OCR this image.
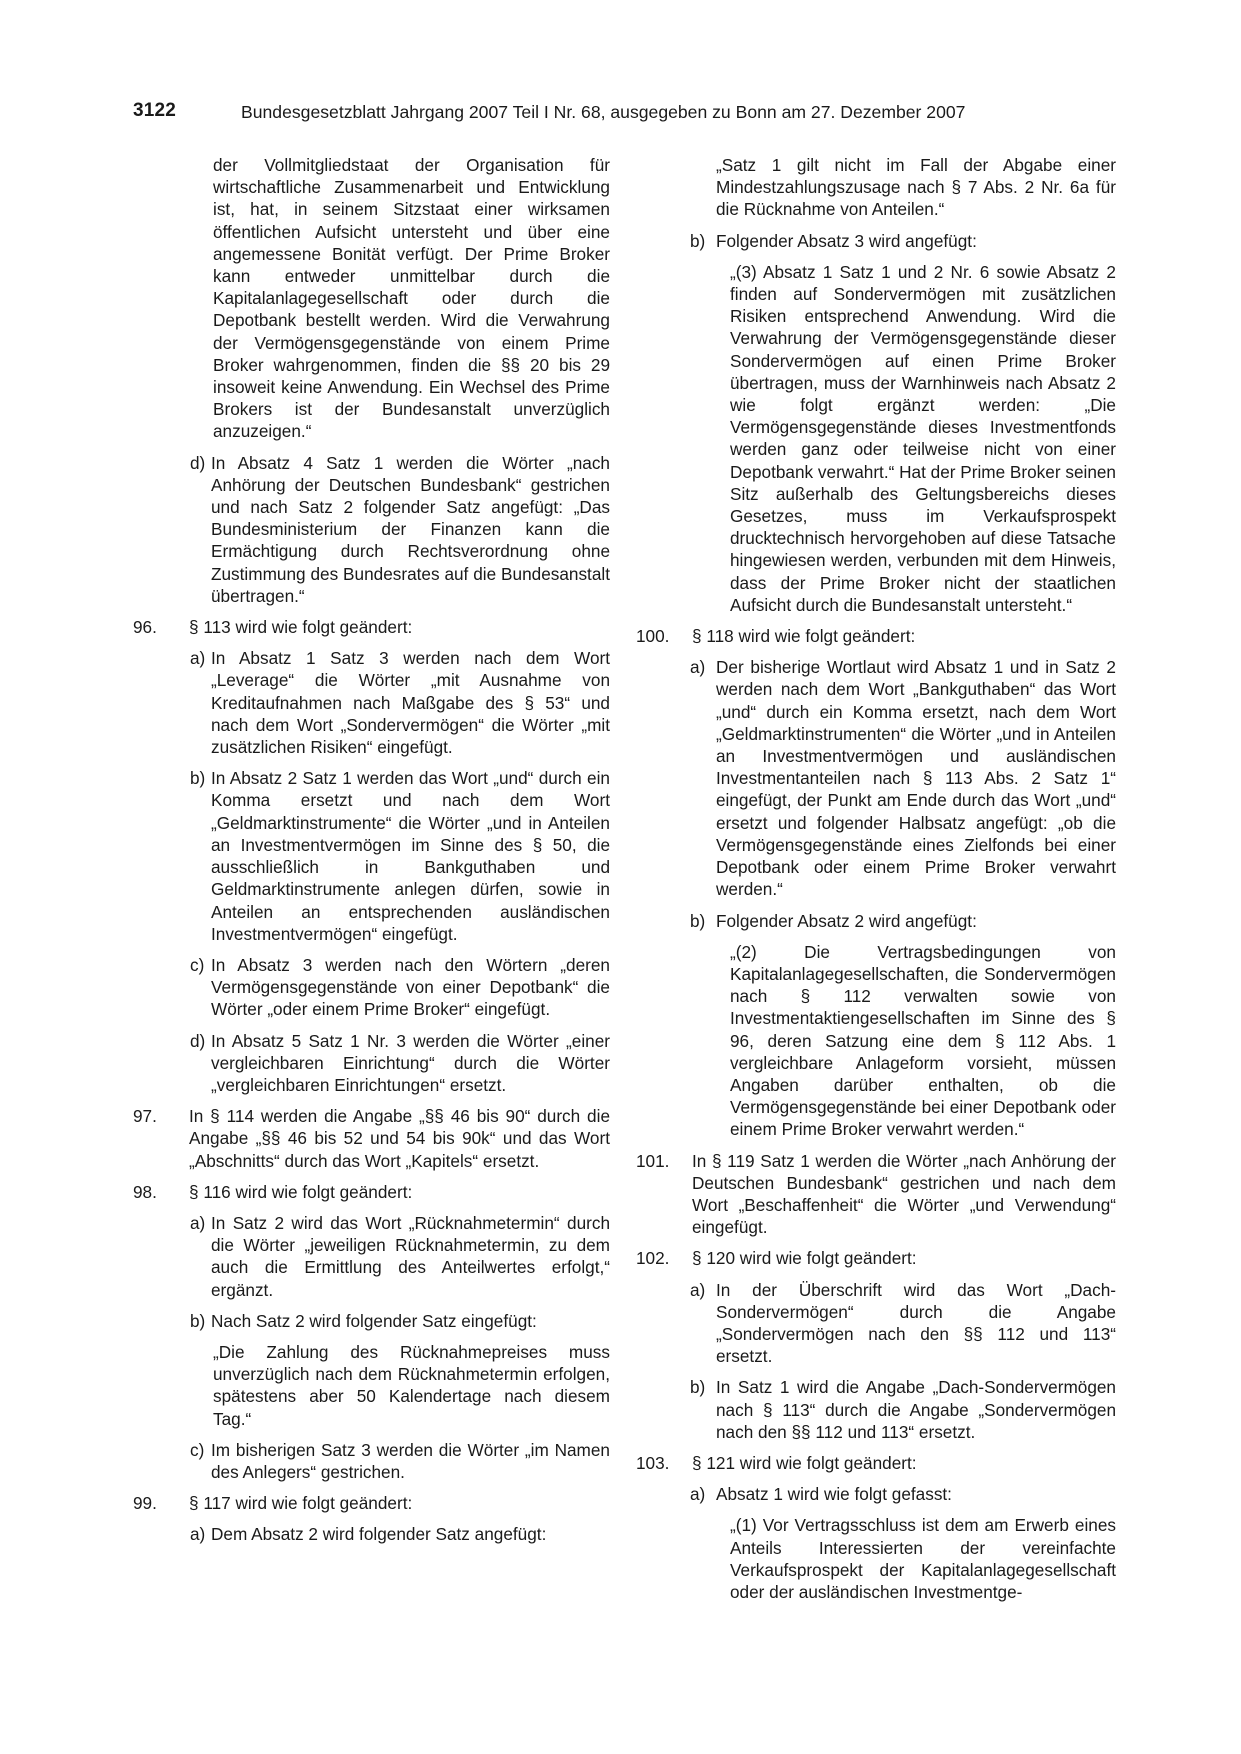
3122	Bundesgesetzblatt Jahrgang 2007 Teil I Nr. 68, ausgegeben zu Bonn am 27. Dezember 2007

der Vollmitgliedstaat der Organisation für wirtschaftliche Zusammenarbeit und Entwicklung ist, hat, in seinem Sitzstaat einer wirksamen öffentlichen Aufsicht untersteht und über eine angemessene Bonität verfügt. Der Prime Broker kann entweder unmittelbar durch die Kapitalanlagegesellschaft oder durch die Depotbank bestellt werden. Wird die Verwahrung der Vermögensgegenstände von einem Prime Broker wahrgenommen, finden die §§ 20 bis 29 insoweit keine Anwendung. Ein Wechsel des Prime Brokers ist der Bundesanstalt unverzüglich anzuzeigen.“

d) In Absatz 4 Satz 1 werden die Wörter „nach Anhörung der Deutschen Bundesbank“ gestrichen und nach Satz 2 folgender Satz angefügt: „Das Bundesministerium der Finanzen kann die Ermächtigung durch Rechtsverordnung ohne Zustimmung des Bundesrates auf die Bundesanstalt übertragen.“

96. § 113 wird wie folgt geändert:

a) In Absatz 1 Satz 3 werden nach dem Wort „Leverage“ die Wörter „mit Ausnahme von Kreditaufnahmen nach Maßgabe des § 53“ und nach dem Wort „Sondervermögen“ die Wörter „mit zusätzlichen Risiken“ eingefügt.

b) In Absatz 2 Satz 1 werden das Wort „und“ durch ein Komma ersetzt und nach dem Wort „Geldmarktinstrumente“ die Wörter „und in Anteilen an Investmentvermögen im Sinne des § 50, die ausschließlich in Bankguthaben und Geldmarktinstrumente anlegen dürfen, sowie in Anteilen an entsprechenden ausländischen Investmentvermögen“ eingefügt.

c) In Absatz 3 werden nach den Wörtern „deren Vermögensgegenstände von einer Depotbank“ die Wörter „oder einem Prime Broker“ eingefügt.

d) In Absatz 5 Satz 1 Nr. 3 werden die Wörter „einer vergleichbaren Einrichtung“ durch die Wörter „vergleichbaren Einrichtungen“ ersetzt.

97. In § 114 werden die Angabe „§§ 46 bis 90“ durch die Angabe „§§ 46 bis 52 und 54 bis 90k“ und das Wort „Abschnitts“ durch das Wort „Kapitels“ ersetzt.

98. § 116 wird wie folgt geändert:

a) In Satz 2 wird das Wort „Rücknahmetermin“ durch die Wörter „jeweiligen Rücknahmetermin, zu dem auch die Ermittlung des Anteilwertes erfolgt,“ ergänzt.

b) Nach Satz 2 wird folgender Satz eingefügt:

„Die Zahlung des Rücknahmepreises muss unverzüglich nach dem Rücknahmetermin erfolgen, spätestens aber 50 Kalendertage nach diesem Tag.“

c) Im bisherigen Satz 3 werden die Wörter „im Namen des Anlegers“ gestrichen.

99. § 117 wird wie folgt geändert:

a) Dem Absatz 2 wird folgender Satz angefügt:

„Satz 1 gilt nicht im Fall der Abgabe einer Mindestzahlungszusage nach § 7 Abs. 2 Nr. 6a für die Rücknahme von Anteilen.“

b) Folgender Absatz 3 wird angefügt:

„(3) Absatz 1 Satz 1 und 2 Nr. 6 sowie Absatz 2 finden auf Sondervermögen mit zusätzlichen Risiken entsprechend Anwendung. Wird die Verwahrung der Vermögensgegenstände dieser Sondervermögen auf einen Prime Broker übertragen, muss der Warnhinweis nach Absatz 2 wie folgt ergänzt werden: „Die Vermögensgegenstände dieses Investmentfonds werden ganz oder teilweise nicht von einer Depotbank verwahrt.“ Hat der Prime Broker seinen Sitz außerhalb des Geltungsbereichs dieses Gesetzes, muss im Verkaufsprospekt drucktechnisch hervorgehoben auf diese Tatsache hingewiesen werden, verbunden mit dem Hinweis, dass der Prime Broker nicht der staatlichen Aufsicht durch die Bundesanstalt untersteht.“

100. § 118 wird wie folgt geändert:

a) Der bisherige Wortlaut wird Absatz 1 und in Satz 2 werden nach dem Wort „Bankguthaben“ das Wort „und“ durch ein Komma ersetzt, nach dem Wort „Geldmarktinstrumenten“ die Wörter „und in Anteilen an Investmentvermögen und ausländischen Investmentanteilen nach § 113 Abs. 2 Satz 1“ eingefügt, der Punkt am Ende durch das Wort „und“ ersetzt und folgender Halbsatz angefügt: „ob die Vermögensgegenstände eines Zielfonds bei einer Depotbank oder einem Prime Broker verwahrt werden.“

b) Folgender Absatz 2 wird angefügt:

„(2) Die Vertragsbedingungen von Kapitalanlagegesellschaften, die Sondervermögen nach § 112 verwalten sowie von Investmentaktiengesellschaften im Sinne des § 96, deren Satzung eine dem § 112 Abs. 1 vergleichbare Anlageform vorsieht, müssen Angaben darüber enthalten, ob die Vermögensgegenstände bei einer Depotbank oder einem Prime Broker verwahrt werden.“

101. In § 119 Satz 1 werden die Wörter „nach Anhörung der Deutschen Bundesbank“ gestrichen und nach dem Wort „Beschaffenheit“ die Wörter „und Verwendung“ eingefügt.

102. § 120 wird wie folgt geändert:

a) In der Überschrift wird das Wort „Dach-Sondervermögen“ durch die Angabe „Sondervermögen nach den §§ 112 und 113“ ersetzt.

b) In Satz 1 wird die Angabe „Dach-Sondervermögen nach § 113“ durch die Angabe „Sondervermögen nach den §§ 112 und 113“ ersetzt.

103. § 121 wird wie folgt geändert:

a) Absatz 1 wird wie folgt gefasst:

„(1) Vor Vertragsschluss ist dem am Erwerb eines Anteils Interessierten der vereinfachte Verkaufsprospekt der Kapitalanlagegesellschaft oder der ausländischen Investmentge-
